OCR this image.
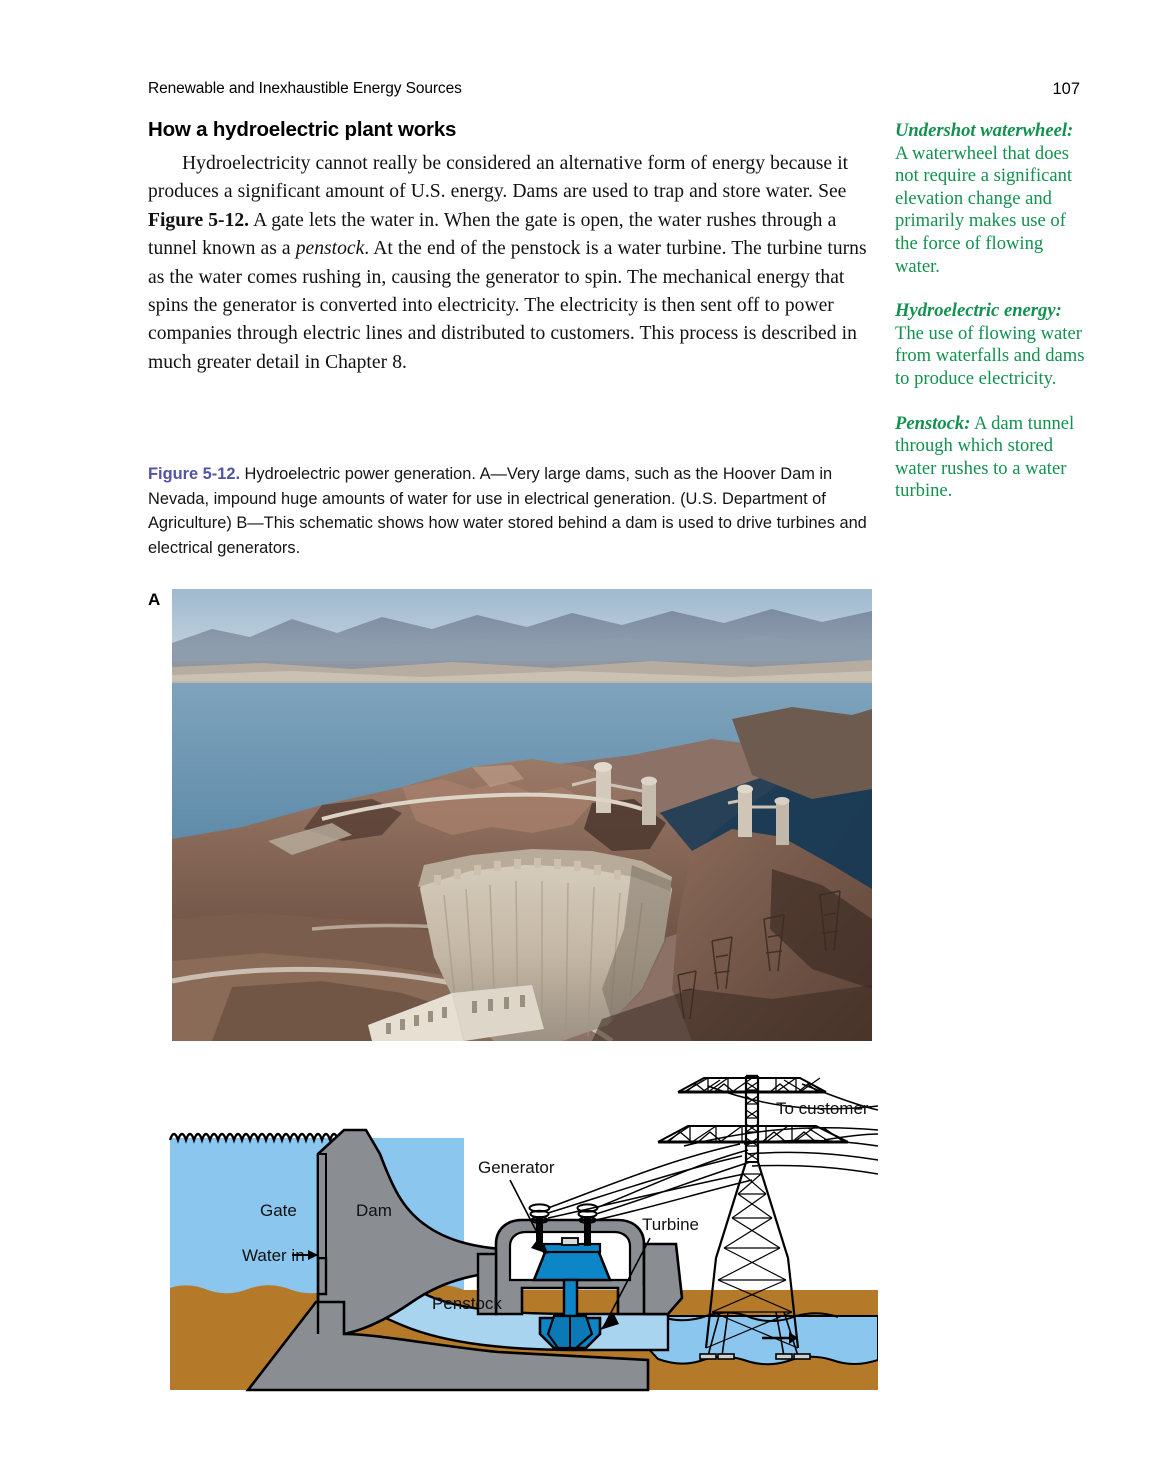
Renewable and Inexhaustible Energy Sources	107
How a hydroelectric plant works

Hydroelectricity cannot really be considered an alternative form of energy because it produces a significant amount of U.S. energy. Dams are used to trap and store water. See Figure 5-12. A gate lets the water in. When the gate is open, the water rushes through a tunnel known as a penstock. At the end of the penstock is a water turbine. The turbine turns as the water comes rushing in, causing the generator to spin. The mechanical energy that spins the generator is converted into electricity. The electricity is then sent off to power companies through electric lines and distributed to customers. This process is described in much greater detail in Chapter 8.

Figure 5-12. Hydroelectric power generation. A—Very large dams, such as the Hoover Dam in Nevada, impound huge amounts of water for use in electrical generation. (U.S. Department of Agriculture) B—This schematic shows how water stored behind a dam is used to drive turbines and electrical generators.
A
Gate	Dam
Water in
Penstock
Generator
Turbine
To customer
Undershot waterwheel: A waterwheel that does not require a significant elevation change and primarily makes use of the force of flowing water.
Hydroelectric energy: The use of flowing water from waterfalls and dams to produce electricity.
Penstock: A dam tunnel through which stored water rushes to a water turbine.
